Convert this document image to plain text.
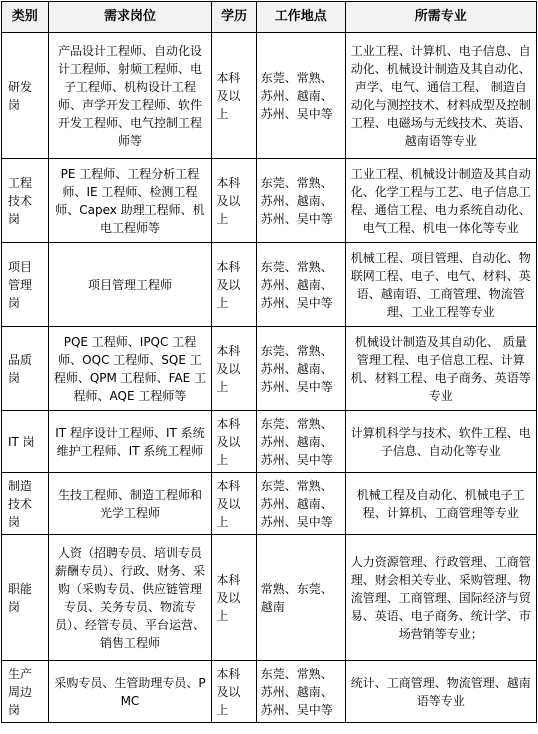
类别	需求岗位	学历	工作地点	所需专业
研发岗	产品设计工程师、自动化设计工程师、射频工程师、电子工程师、机构设计工程师、声学开发工程师、软件开发工程师、电气控制工程师等	本科及以上	东莞、常熟、苏州、越南、苏州、吴中等	工业工程、计算机、电子信息、自动化、机械设计制造及其自动化、声学、电气、通信工程、 制造自动化与测控技术、材料成型及控制工程、电磁场与无线技术、英语、越南语等专业
工程技术岗	PE 工程师、工程分析工程师、IE 工程师、检测工程师、Capex 助理工程师、机电工程师等	本科及以上	东莞、常熟、苏州、越南、苏州、吴中等	工业工程、机械设计制造及其自动化、化学工程与工艺、电子信息工程、通信工程、电力系统自动化、电气工程、机电一体化等专业
项目管理岗	项目管理工程师	本科及以上	东莞、常熟、苏州、越南、苏州、吴中等	机械工程、项目管理、自动化、物联网工程、电子、电气、材料、英语、越南语、工商管理、物流管理、工业工程等专业
品质岗	PQE 工程师、IPQC 工程师、OQC 工程师、SQE 工程师、QPM 工程师、FAE 工程师、AQE 工程师等	本科及以上	东莞、常熟、苏州、越南、苏州、吴中等	机械设计制造及其自动化、 质量管理工程、电子信息工程、计算机、材料工程、电子商务、英语等专业
IT 岗	IT 程序设计工程师、IT 系统维护工程师、IT 系统工程师	本科及以上	东莞、常熟、苏州、越南、苏州、吴中等	计算机科学与技术、软件工程、电子信息、自动化等专业
制造技术岗	生技工程师、制造工程师和光学工程师	本科及以上	东莞、常熟、苏州、越南、苏州、吴中等	机械工程及自动化、机械电子工程、计算机、工商管理等专业
职能岗	人资（招聘专员、培训专员薪酬专员）、行政、财务、采购（采购专员、供应链管理专员、关务专员、物流专员）、经管专员、平台运营、销售工程师	本科及以上	常熟、东莞、越南	人力资源管理、行政管理、工商管理、财会相关专业、采购管理、物流管理、工商管理、国际经济与贸易、英语、电子商务、统计学、市场营销等专业；
生产周边岗	采购专员、生管助理专员、PMC	本科及以上	东莞、常熟、苏州、越南、苏州、吴中等	统计、工商管理、物流管理、越南语等专业
